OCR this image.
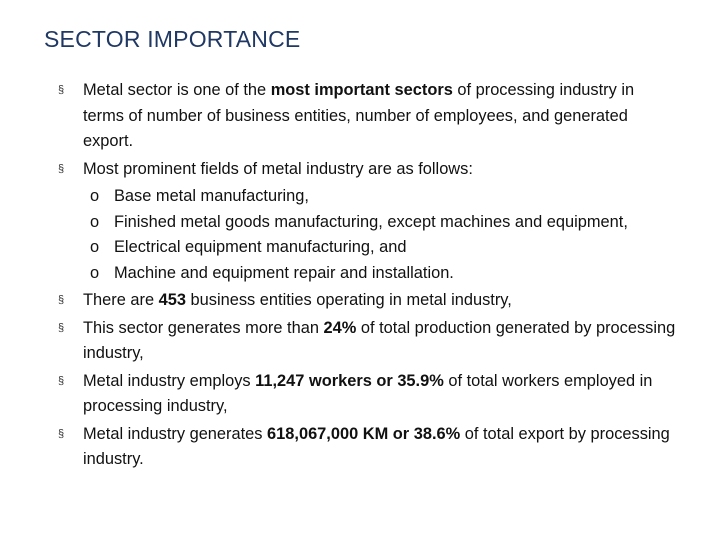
SECTOR IMPORTANCE
§ Metal sector is one of the most important sectors of processing industry in terms of number of business entities, number of employees, and generated export.
§ Most prominent fields of metal industry are as follows:
o Base metal manufacturing,
o Finished metal goods manufacturing, except machines and equipment,
o Electrical equipment manufacturing, and
o Machine and equipment repair and installation.
§ There are 453 business entities operating in metal industry,
§ This sector generates more than 24% of total production generated by processing industry,
§ Metal industry employs 11,247 workers or 35.9% of total workers employed in processing industry,
§ Metal industry generates 618,067,000 KM or 38.6% of total export by processing industry.
